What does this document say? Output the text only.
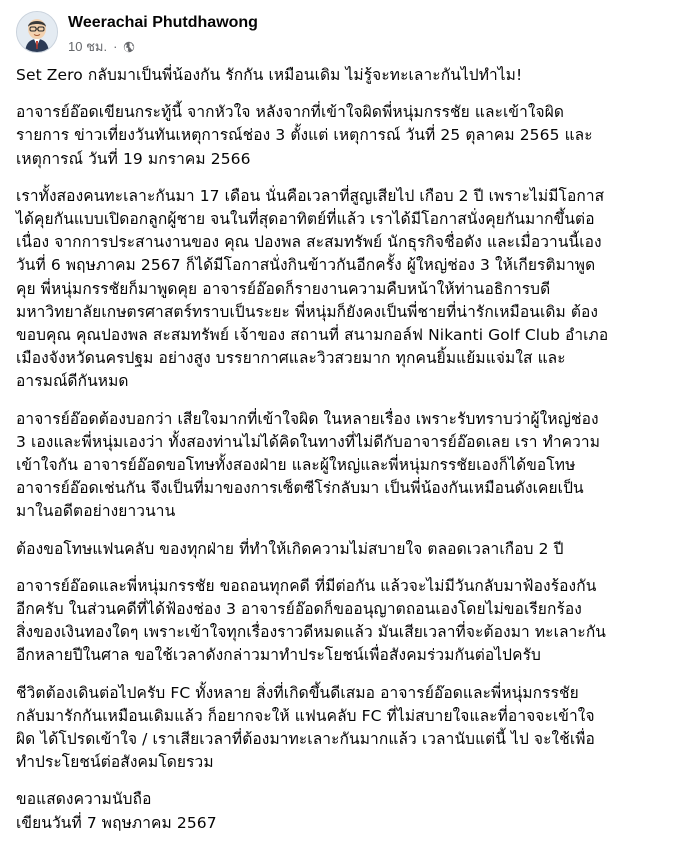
Weerachai Phutdhawong
10 ชม. ·

Set Zero กลับมาเป็นพี่น้องกัน รักกัน เหมือนเดิม ไม่รู้จะทะเลาะกันไปทำไม!

อาจารย์อ๊อดเขียนกระทู้นี้ จากหัวใจ หลังจากที่เข้าใจผิดพี่หนุ่มกรรชัย และเข้าใจผิด

รายการ ข่าวเที่ยงวันทันเหตุการณ์ช่อง 3 ตั้งแต่ เหตุการณ์ วันที่ 25 ตุลาคม 2565 และ

เหตุการณ์ วันที่ 19 มกราคม 2566

เราทั้งสองคนทะเลาะกันมา 17 เดือน นั่นคือเวลาที่สูญเสียไป เกือบ 2 ปี เพราะไม่มีโอกาส

ได้คุยกันแบบเปิดอกลูกผู้ชาย จนในที่สุดอาทิตย์ที่แล้ว เราได้มีโอกาสนั่งคุยกันมากขึ้นต่อ

เนื่อง จากการประสานงานของ คุณ ปองพล สะสมทรัพย์ นักธุรกิจชื่อดัง และเมื่อวานนี้เอง

วันที่ 6 พฤษภาคม 2567 ก็ได้มีโอกาสนั่งกินข้าวกันอีกครั้ง ผู้ใหญ่ช่อง 3 ให้เกียรติมาพูด

คุย พี่หนุ่มกรรชัยก็มาพูดคุย อาจารย์อ๊อดก็รายงานความคืบหน้าให้ท่านอธิการบดี

มหาวิทยาลัยเกษตรศาสตร์ทราบเป็นระยะ พี่หนุ่มก็ยังคงเป็นพี่ชายที่น่ารักเหมือนเดิม ต้อง

ขอบคุณ คุณปองพล สะสมทรัพย์ เจ้าของ สถานที่ สนามกอล์ฟ Nikanti Golf Club อำเภอ

เมืองจังหวัดนครปฐม อย่างสูง บรรยากาศและวิวสวยมาก ทุกคนยิ้มแย้มแจ่มใส และ

อารมณ์ดีกันหมด

อาจารย์อ๊อดต้องบอกว่า เสียใจมากที่เข้าใจผิด ในหลายเรื่อง เพราะรับทราบว่าผู้ใหญ่ช่อง

3 เองและพี่หนุ่มเองว่า ทั้งสองท่านไม่ได้คิดในทางที่ไม่ดีกับอาจารย์อ๊อดเลย เรา ทำความ

เข้าใจกัน อาจารย์อ๊อดขอโทษทั้งสองฝ่าย และผู้ใหญ่และพี่หนุ่มกรรชัยเองก็ได้ขอโทษ

อาจารย์อ๊อดเช่นกัน จึงเป็นที่มาของการเซ็ตซีโร่กลับมา เป็นพี่น้องกันเหมือนดังเคยเป็น

มาในอดีตอย่างยาวนาน

ต้องขอโทษแฟนคลับ ของทุกฝ่าย ที่ทำให้เกิดความไม่สบายใจ ตลอดเวลาเกือบ 2 ปี

อาจารย์อ๊อดและพี่หนุ่มกรรชัย ขอถอนทุกคดี ที่มีต่อกัน แล้วจะไม่มีวันกลับมาฟ้องร้องกัน

อีกครับ ในส่วนคดีที่ได้ฟ้องช่อง 3 อาจารย์อ๊อดก็ขออนุญาตถอนเองโดยไม่ขอเรียกร้อง

สิ่งของเงินทองใดๆ เพราะเข้าใจทุกเรื่องราวดีหมดแล้ว มันเสียเวลาที่จะต้องมา ทะเลาะกัน

อีกหลายปีในศาล ขอใช้เวลาดังกล่าวมาทำประโยชน์เพื่อสังคมร่วมกันต่อไปครับ

ชีวิตต้องเดินต่อไปครับ FC ทั้งหลาย สิ่งที่เกิดขึ้นดีเสมอ อาจารย์อ๊อดและพี่หนุ่มกรรชัย

กลับมารักกันเหมือนเดิมแล้ว ก็อยากจะให้ แฟนคลับ FC ที่ไม่สบายใจและที่อาจจะเข้าใจ

ผิด ได้โปรดเข้าใจ / เราเสียเวลาที่ต้องมาทะเลาะกันมากแล้ว เวลานับแต่นี้ ไป จะใช้เพื่อ

ทำประโยชน์ต่อสังคมโดยรวม

ขอแสดงความนับถือ

เขียนวันที่ 7 พฤษภาคม 2567
